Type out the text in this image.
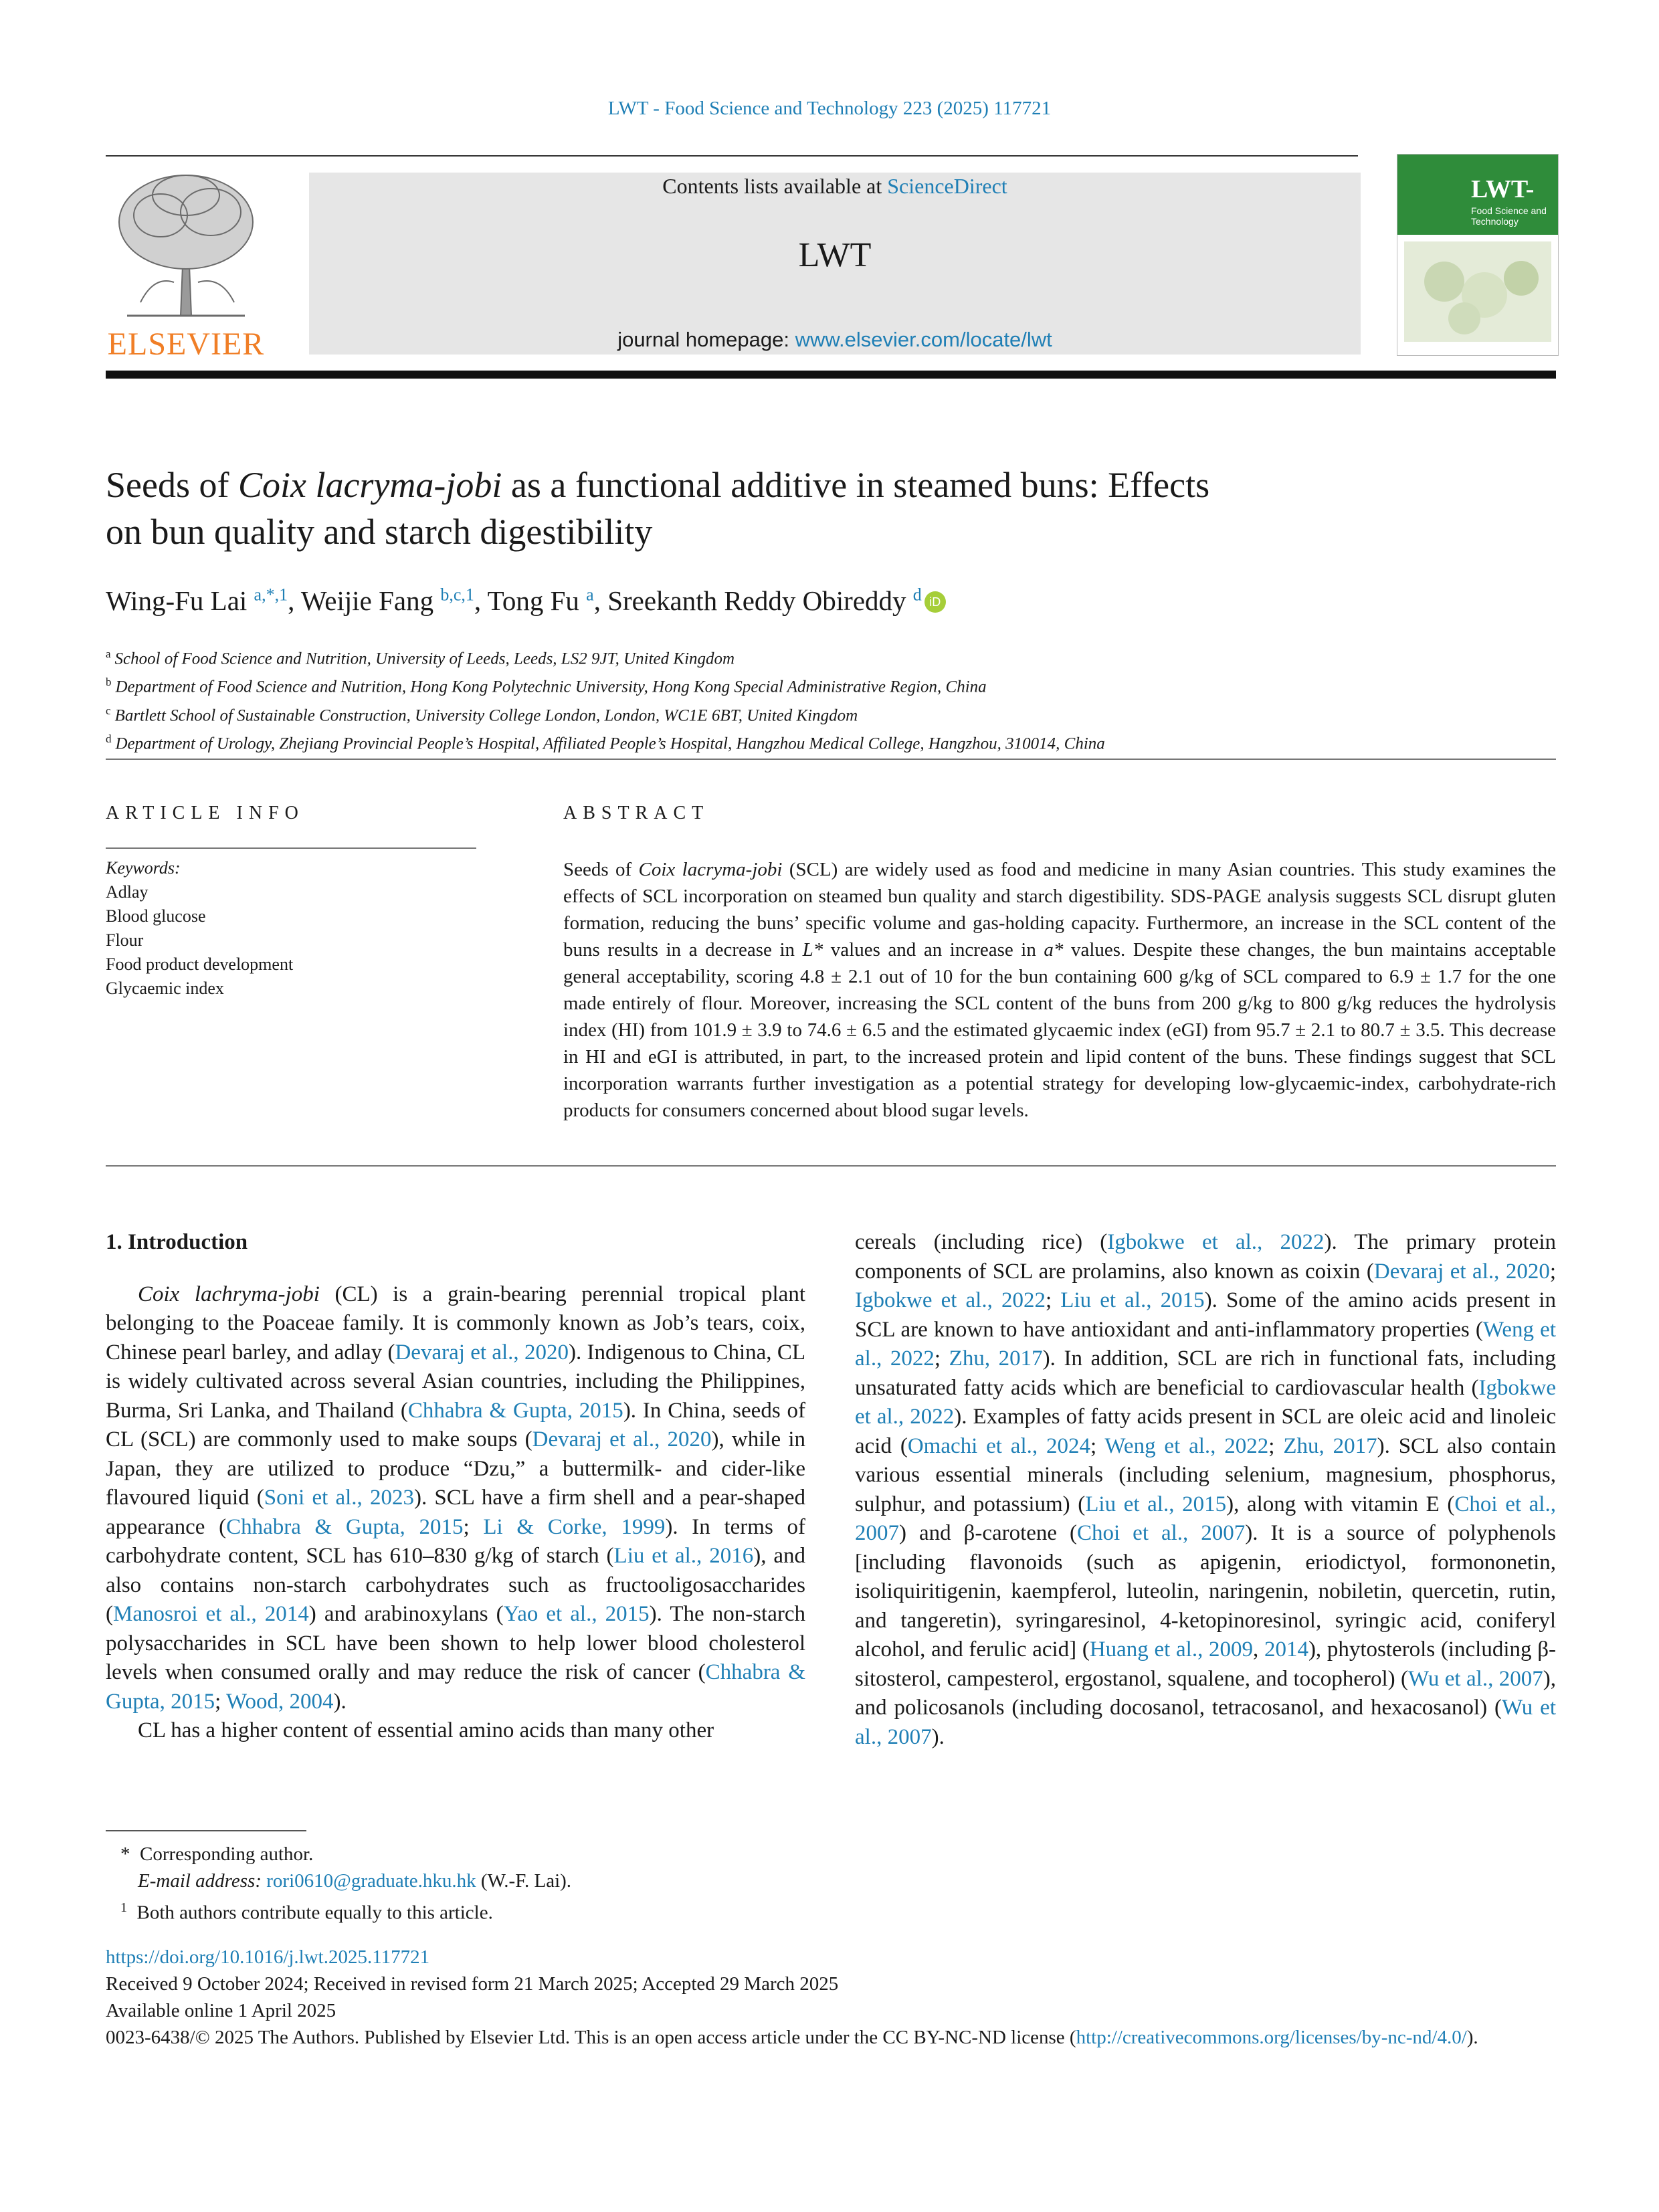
LWT - Food Science and Technology 223 (2025) 117721
ELSEVIER
Contents lists available at ScienceDirect
LWT
journal homepage: www.elsevier.com/locate/lwt
LWT-
Food Science and Technology
Seeds of Coix lacryma-jobi as a functional additive in steamed buns: Effects
on bun quality and starch digestibility
Wing-Fu Lai $^{a,*,1}$, Weijie Fang $^{b,c,1}$, Tong Fu $^a$, Sreekanth Reddy Obireddy $^d$ iD
$^a$ School of Food Science and Nutrition, University of Leeds, Leeds, LS2 9JT, United Kingdom
$^b$ Department of Food Science and Nutrition, Hong Kong Polytechnic University, Hong Kong Special Administrative Region, China
$^c$ Bartlett School of Sustainable Construction, University College London, London, WC1E 6BT, United Kingdom
$^d$ Department of Urology, Zhejiang Provincial People’s Hospital, Affiliated People’s Hospital, Hangzhou Medical College, Hangzhou, 310014, China
ARTICLE INFO
Keywords:
Adlay
Blood glucose
Flour
Food product development
Glycaemic index
ABSTRACT
Seeds of Coix lacryma-jobi (SCL) are widely used as food and medicine in many Asian countries. This study examines the effects of SCL incorporation on steamed bun quality and starch digestibility. SDS-PAGE analysis suggests SCL disrupt gluten formation, reducing the buns’ specific volume and gas-holding capacity. Furthermore, an increase in the SCL content of the buns results in a decrease in L* values and an increase in a* values. Despite these changes, the bun maintains acceptable general acceptability, scoring 4.8 ± 2.1 out of 10 for the bun containing 600 g/kg of SCL compared to 6.9 ± 1.7 for the one made entirely of flour. Moreover, increasing the SCL content of the buns from 200 g/kg to 800 g/kg reduces the hydrolysis index (HI) from 101.9 ± 3.9 to 74.6 ± 6.5 and the estimated glycaemic index (eGI) from 95.7 ± 2.1 to 80.7 ± 3.5. This decrease in HI and eGI is attributed, in part, to the increased protein and lipid content of the buns. These findings suggest that SCL incorporation warrants further investigation as a potential strategy for developing low-glycaemic-index, carbohydrate-rich products for consumers concerned about blood sugar levels.
1. Introduction

Coix lachryma-jobi (CL) is a grain-bearing perennial tropical plant belonging to the Poaceae family. It is commonly known as Job’s tears, coix, Chinese pearl barley, and adlay (Devaraj et al., 2020). Indigenous to China, CL is widely cultivated across several Asian countries, including the Philippines, Burma, Sri Lanka, and Thailand (Chhabra & Gupta, 2015). In China, seeds of CL (SCL) are commonly used to make soups (Devaraj et al., 2020), while in Japan, they are utilized to produce “Dzu,” a buttermilk- and cider-like flavoured liquid (Soni et al., 2023). SCL have a firm shell and a pear-shaped appearance (Chhabra & Gupta, 2015; Li & Corke, 1999). In terms of carbohydrate content, SCL has 610–830 g/kg of starch (Liu et al., 2016), and also contains non-starch carbohydrates such as fructooligosaccharides (Manosroi et al., 2014) and arabinoxylans (Yao et al., 2015). The non-starch polysaccharides in SCL have been shown to help lower blood cholesterol levels when consumed orally and may reduce the risk of cancer (Chhabra & Gupta, 2015; Wood, 2004).

CL has a higher content of essential amino acids than many other

cereals (including rice) (Igbokwe et al., 2022). The primary protein components of SCL are prolamins, also known as coixin (Devaraj et al., 2020; Igbokwe et al., 2022; Liu et al., 2015). Some of the amino acids present in SCL are known to have antioxidant and anti-inflammatory properties (Weng et al., 2022; Zhu, 2017). In addition, SCL are rich in functional fats, including unsaturated fatty acids which are beneficial to cardiovascular health (Igbokwe et al., 2022). Examples of fatty acids present in SCL are oleic acid and linoleic acid (Omachi et al., 2024; Weng et al., 2022; Zhu, 2017). SCL also contain various essential minerals (including selenium, magnesium, phosphorus, sulphur, and potassium) (Liu et al., 2015), along with vitamin E (Choi et al., 2007) and β-carotene (Choi et al., 2007). It is a source of polyphenols [including flavonoids (such as apigenin, eriodictyol, formononetin, isoliquiritigenin, kaempferol, luteolin, naringenin, nobiletin, quercetin, rutin, and tangeretin), syringaresinol, 4-ketopinoresinol, syringic acid, coniferyl alcohol, and ferulic acid] (Huang et al., 2009, 2014), phytosterols (including β-sitosterol, campesterol, ergostanol, squalene, and tocopherol) (Wu et al., 2007), and policosanols (including docosanol, tetracosanol, and hexacosanol) (Wu et al., 2007).

*  Corresponding author.
E-mail address: rori0610@graduate.hku.hk (W.-F. Lai).
$^1$ Both authors contribute equally to this article.
https://doi.org/10.1016/j.lwt.2025.117721
Received 9 October 2024; Received in revised form 21 March 2025; Accepted 29 March 2025
Available online 1 April 2025
0023-6438/© 2025 The Authors. Published by Elsevier Ltd. This is an open access article under the CC BY-NC-ND license (http://creativecommons.org/licenses/by-nc-nd/4.0/).
